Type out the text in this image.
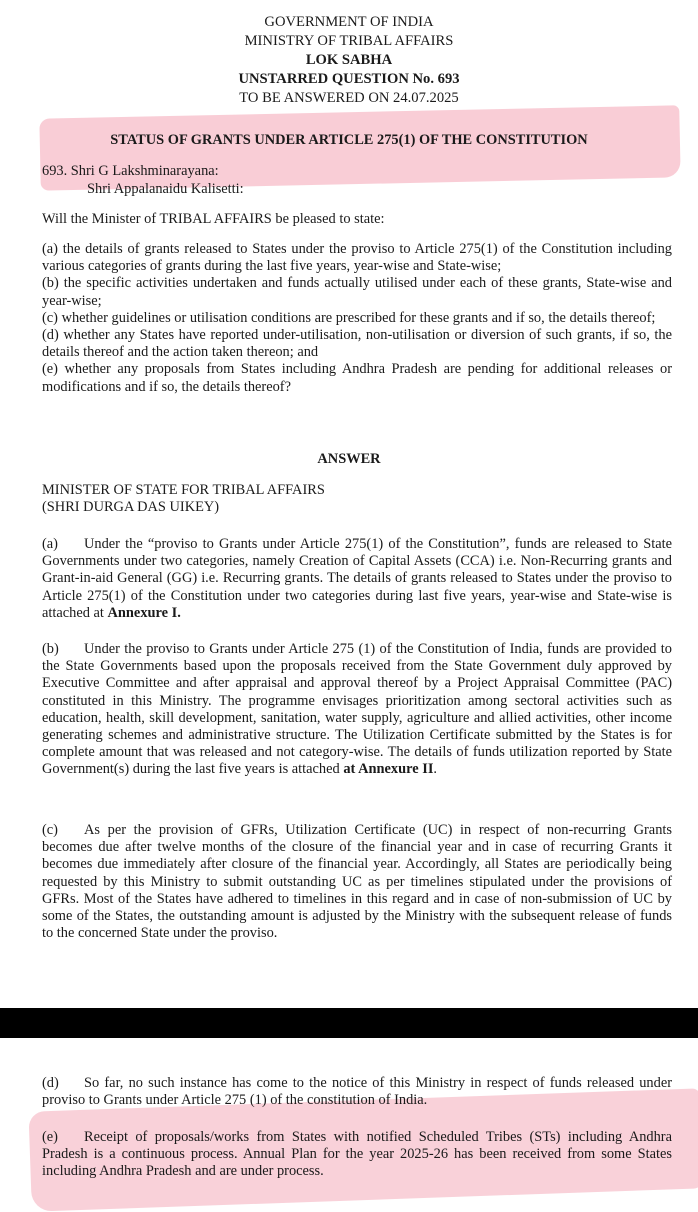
GOVERNMENT OF INDIA
MINISTRY OF TRIBAL AFFAIRS
LOK SABHA
UNSTARRED QUESTION No. 693
TO BE ANSWERED ON 24.07.2025
STATUS OF GRANTS UNDER ARTICLE 275(1) OF THE CONSTITUTION
693. Shri G Lakshminarayana:
Shri Appalanaidu Kalisetti:
Will the Minister of TRIBAL AFFAIRS be pleased to state:
(a) the details of grants released to States under the proviso to Article 275(1) of the Constitution including various categories of grants during the last five years, year-wise and State-wise;
(b) the specific activities undertaken and funds actually utilised under each of these grants, State-wise and year-wise;
(c) whether guidelines or utilisation conditions are prescribed for these grants and if so, the details thereof;
(d) whether any States have reported under-utilisation, non-utilisation or diversion of such grants, if so, the details thereof and the action taken thereon; and
(e) whether any proposals from States including Andhra Pradesh are pending for additional releases or modifications and if so, the details thereof?
ANSWER
MINISTER OF STATE FOR TRIBAL AFFAIRS
(SHRI DURGA DAS UIKEY)
(a) Under the “proviso to Grants under Article 275(1) of the Constitution”, funds are released to State Governments under two categories, namely Creation of Capital Assets (CCA) i.e. Non-Recurring grants and Grant-in-aid General (GG) i.e. Recurring grants. The details of grants released to States under the proviso to Article 275(1) of the Constitution under two categories during last five years, year-wise and State-wise is attached at Annexure I.
(b) Under the proviso to Grants under Article 275 (1) of the Constitution of India, funds are provided to the State Governments based upon the proposals received from the State Government duly approved by Executive Committee and after appraisal and approval thereof by a Project Appraisal Committee (PAC) constituted in this Ministry. The programme envisages prioritization among sectoral activities such as education, health, skill development, sanitation, water supply, agriculture and allied activities, other income generating schemes and administrative structure. The Utilization Certificate submitted by the States is for complete amount that was released and not category-wise. The details of funds utilization reported by State Government(s) during the last five years is attached at Annexure II.
(c) As per the provision of GFRs, Utilization Certificate (UC) in respect of non-recurring Grants becomes due after twelve months of the closure of the financial year and in case of recurring Grants it becomes due immediately after closure of the financial year. Accordingly, all States are periodically being requested by this Ministry to submit outstanding UC as per timelines stipulated under the provisions of GFRs. Most of the States have adhered to timelines in this regard and in case of non-submission of UC by some of the States, the outstanding amount is adjusted by the Ministry with the subsequent release of funds to the concerned State under the proviso.
(d) So far, no such instance has come to the notice of this Ministry in respect of funds released under proviso to Grants under Article 275 (1) of the constitution of India.
(e) Receipt of proposals/works from States with notified Scheduled Tribes (STs) including Andhra Pradesh is a continuous process. Annual Plan for the year 2025-26 has been received from some States including Andhra Pradesh and are under process.
